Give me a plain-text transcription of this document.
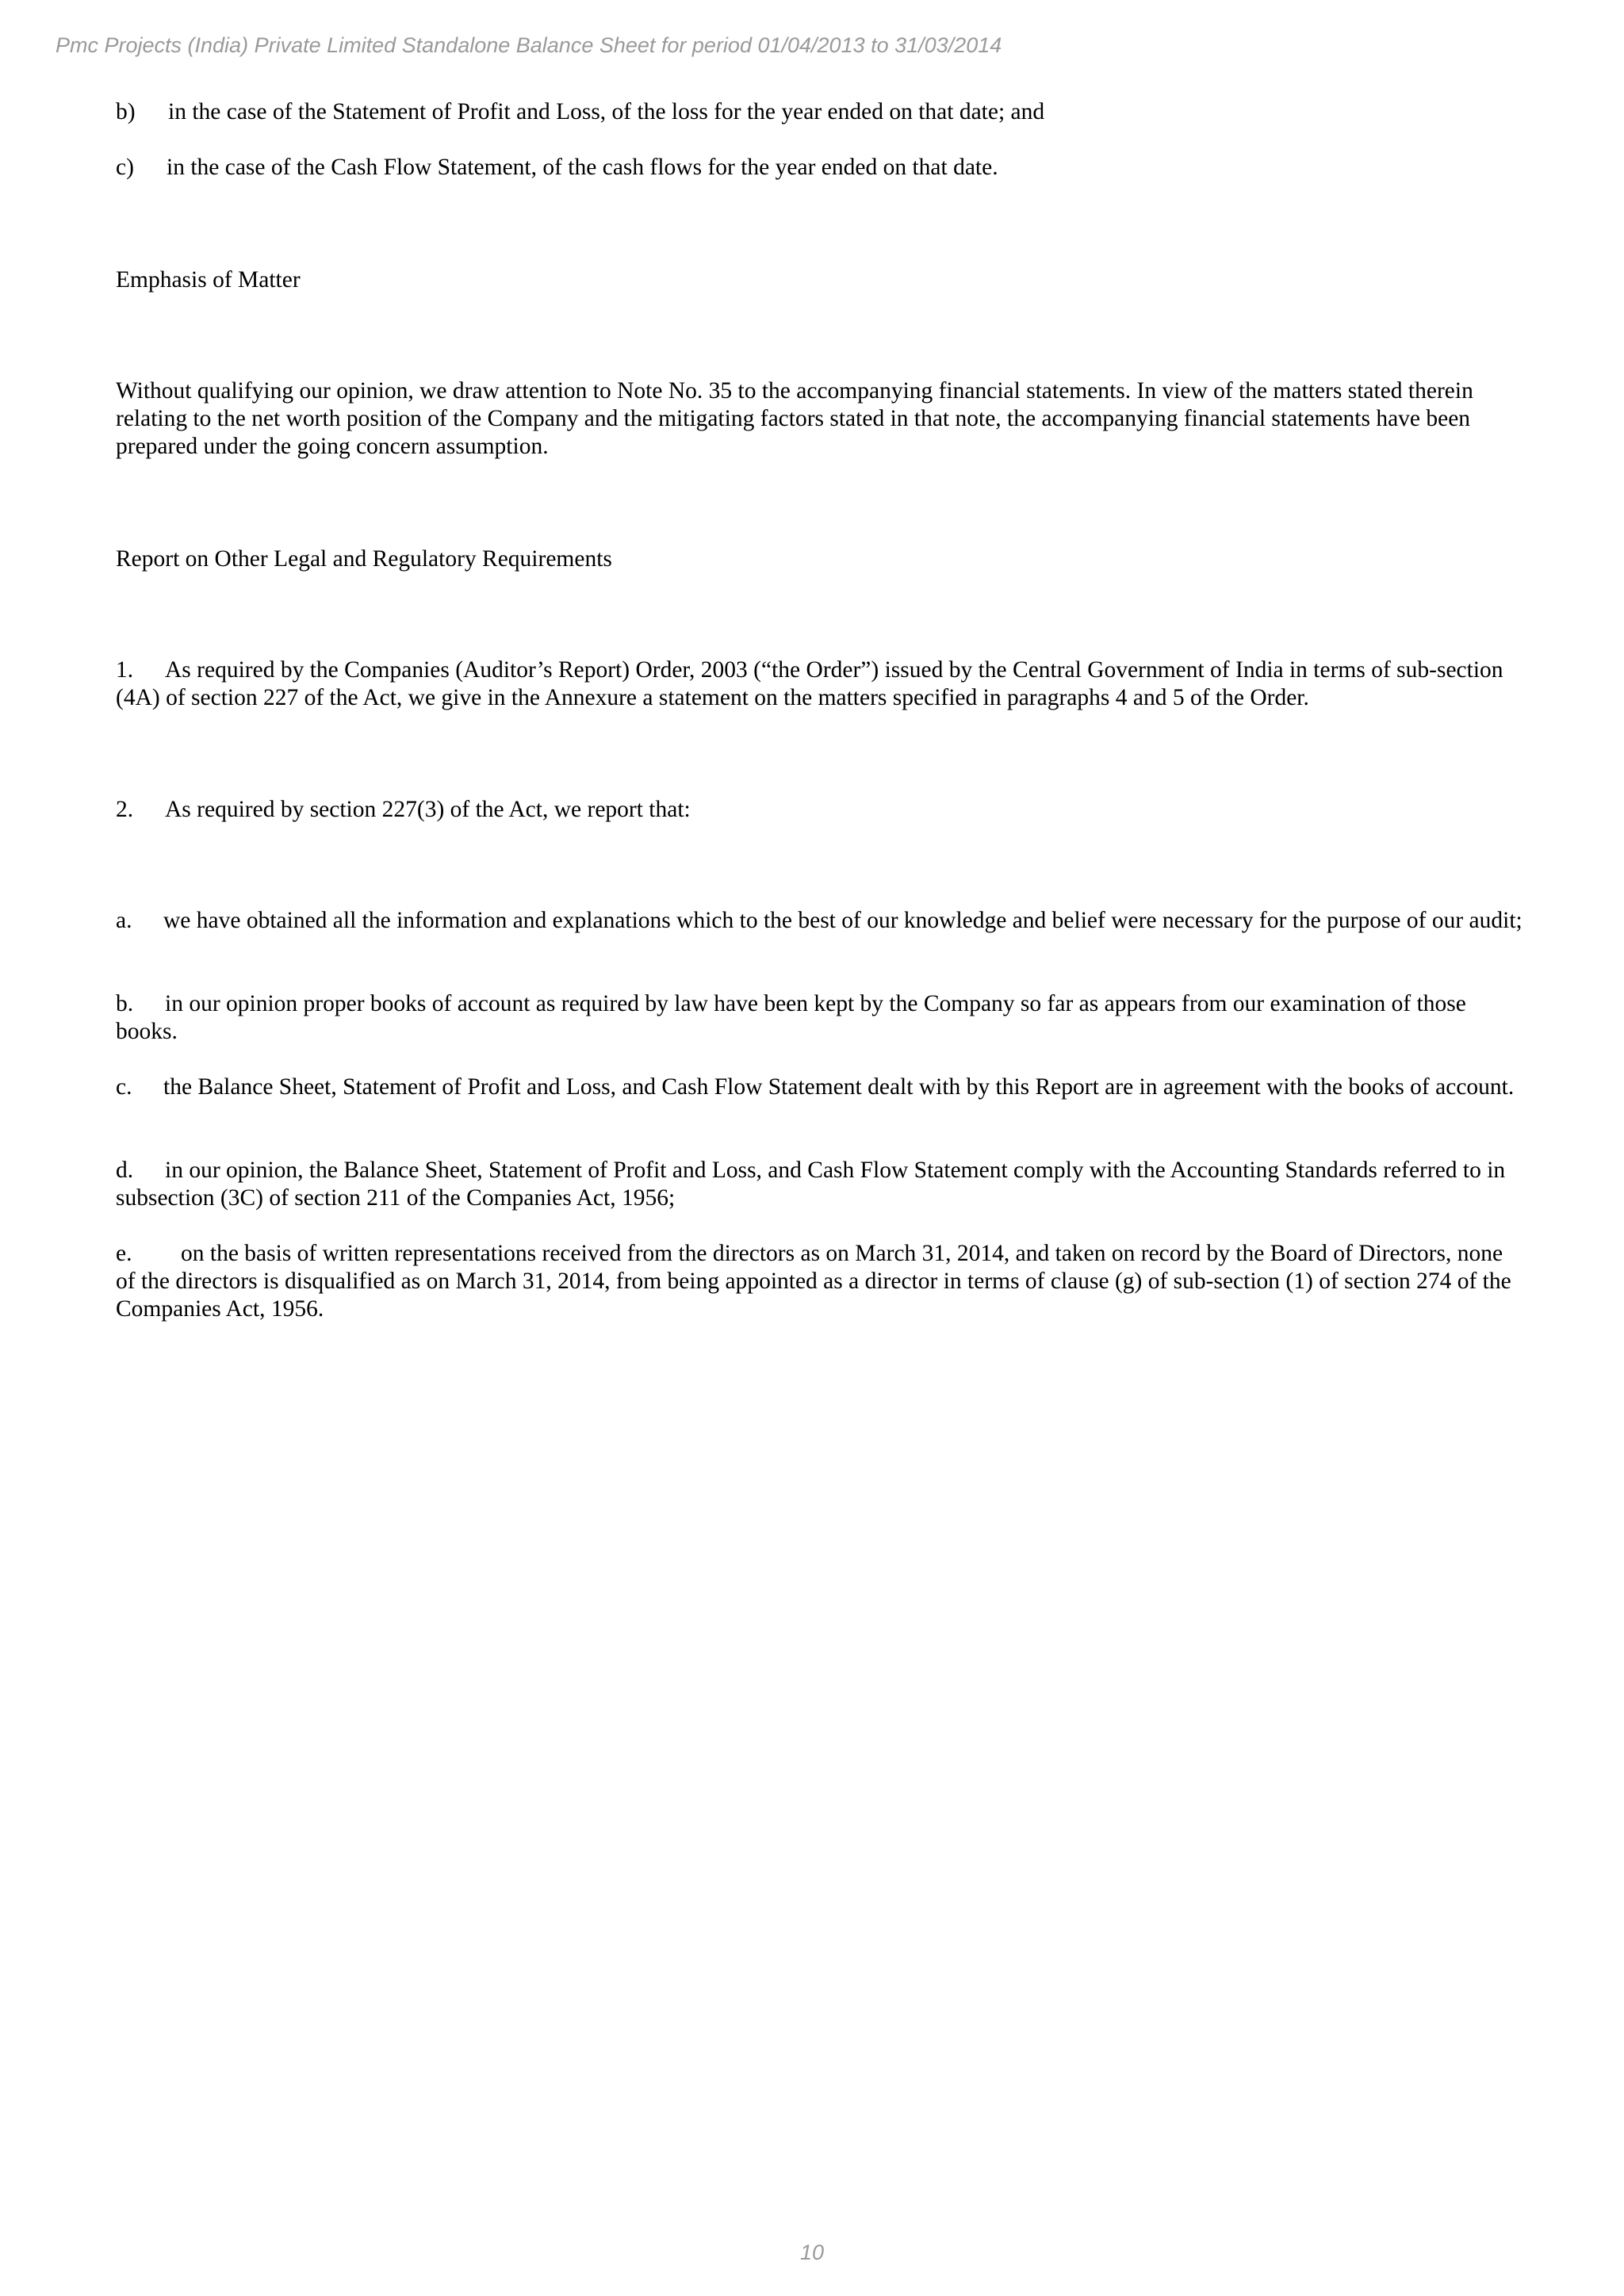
Pmc Projects (India) Private Limited Standalone Balance Sheet for period 01/04/2013 to 31/03/2014
b) in the case of the Statement of Profit and Loss, of the loss for the year ended on that date; and
c) in the case of the Cash Flow Statement, of the cash flows for the year ended on that date.
Emphasis of Matter
Without qualifying our opinion, we draw attention to Note No. 35 to the accompanying financial statements. In view of the matters stated therein relating to the net worth position of the Company and the mitigating factors stated in that note, the accompanying financial statements have been prepared under the going concern assumption.
Report on Other Legal and Regulatory Requirements
1. As required by the Companies (Auditor’s Report) Order, 2003 (“the Order”) issued by the Central Government of India in terms of sub-section (4A) of section 227 of the Act, we give in the Annexure a statement on the matters specified in paragraphs 4 and 5 of the Order.
2. As required by section 227(3) of the Act, we report that:
a. we have obtained all the information and explanations which to the best of our knowledge and belief were necessary for the purpose of our audit;
b. in our opinion proper books of account as required by law have been kept by the Company so far as appears from our examination of those books.
c. the Balance Sheet, Statement of Profit and Loss, and Cash Flow Statement dealt with by this Report are in agreement with the books of account.
d. in our opinion, the Balance Sheet, Statement of Profit and Loss, and Cash Flow Statement comply with the Accounting Standards referred to in subsection (3C) of section 211 of the Companies Act, 1956;
e. on the basis of written representations received from the directors as on March 31, 2014, and taken on record by the Board of Directors, none of the directors is disqualified as on March 31, 2014, from being appointed as a director in terms of clause (g) of sub-section (1) of section 274 of the Companies Act, 1956.
10
